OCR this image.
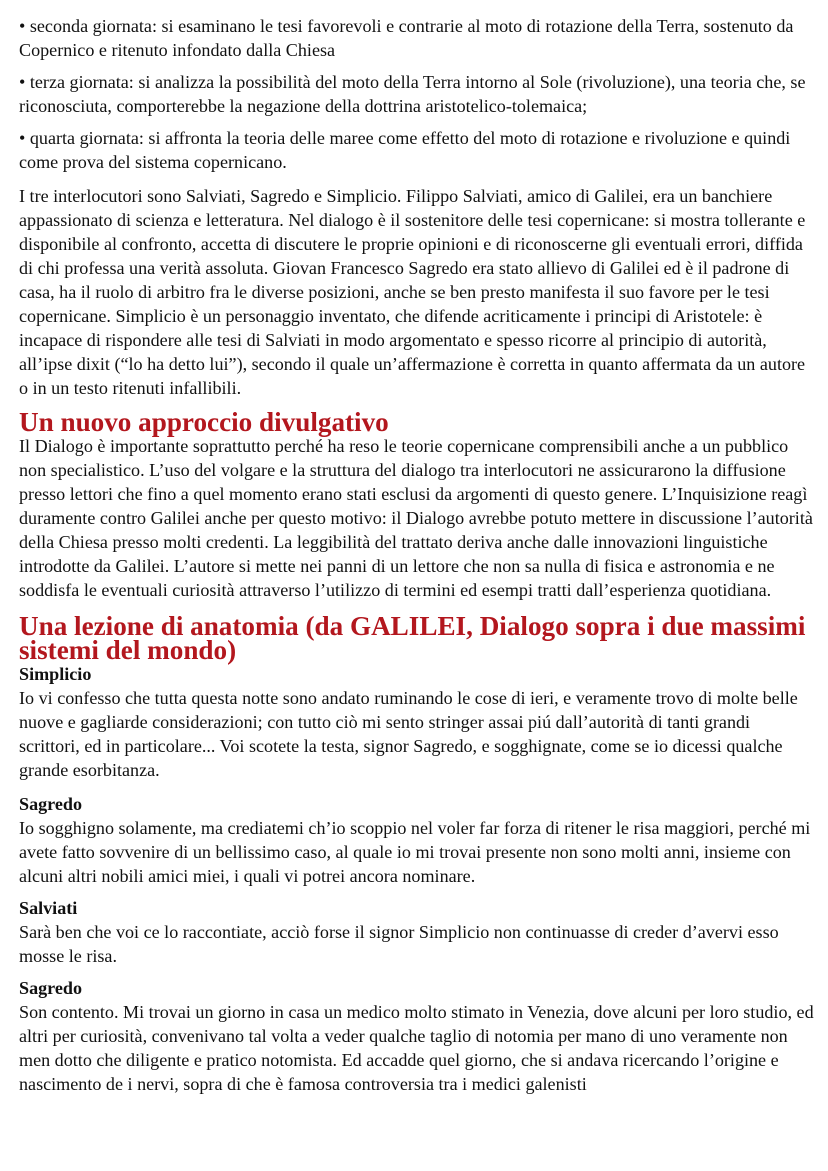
• seconda giornata: si esaminano le tesi favorevoli e contrarie al moto di rotazione della Terra, sostenuto da Copernico e ritenuto infondato dalla Chiesa

• terza giornata: si analizza la possibilità del moto della Terra intorno al Sole (rivoluzione), una teoria che, se riconosciuta, comporterebbe la negazione della dottrina aristotelico-tolemaica;

• quarta giornata: si affronta la teoria delle maree come effetto del moto di rotazione e rivoluzione e quindi come prova del sistema copernicano.

I tre interlocutori sono Salviati, Sagredo e Simplicio. Filippo Salviati, amico di Galilei, era un banchiere appassionato di scienza e letteratura. Nel dialogo è il sostenitore delle tesi copernicane: si mostra tollerante e disponibile al confronto, accetta di discutere le proprie opinioni e di riconoscerne gli eventuali errori, diffida di chi professa una verità assoluta. Giovan Francesco Sagredo era stato allievo di Galilei ed è il padrone di casa, ha il ruolo di arbitro fra le diverse posizioni, anche se ben presto manifesta il suo favore per le tesi copernicane. Simplicio è un personaggio inventato, che difende acriticamente i principi di Aristotele: è incapace di rispondere alle tesi di Salviati in modo argomentato e spesso ricorre al principio di autorità, all’ipse dixit (“lo ha detto lui”), secondo il quale un’affermazione è corretta in quanto affermata da un autore o in un testo ritenuti infallibili.

Un nuovo approccio divulgativo

Il Dialogo è importante soprattutto perché ha reso le teorie copernicane comprensibili anche a un pubblico non specialistico. L’uso del volgare e la struttura del dialogo tra interlocutori ne assicurarono la diffusione presso lettori che fino a quel momento erano stati esclusi da argomenti di questo genere. L’Inquisizione reagì duramente contro Galilei anche per questo motivo: il Dialogo avrebbe potuto mettere in discussione l’autorità della Chiesa presso molti credenti. La leggibilità del trattato deriva anche dalle innovazioni linguistiche introdotte da Galilei. L’autore si mette nei panni di un lettore che non sa nulla di fisica e astronomia e ne soddisfa le eventuali curiosità attraverso l’utilizzo di termini ed esempi tratti dall’esperienza quotidiana.

Una lezione di anatomia (da GALILEI, Dialogo sopra i due massimi sistemi del mondo)
Simplicio

Io vi confesso che tutta questa notte sono andato ruminando le cose di ieri, e veramente trovo di molte belle nuove e gagliarde considerazioni; con tutto ciò mi sento stringer assai piú dall’autorità di tanti grandi scrittori, ed in particolare... Voi scotete la testa, signor Sagredo, e sogghignate, come se io dicessi qualche grande esorbitanza.

Sagredo

Io sogghigno solamente, ma crediatemi ch’io scoppio nel voler far forza di ritener le risa maggiori, perché mi avete fatto sovvenire di un bellissimo caso, al quale io mi trovai presente non sono molti anni, insieme con alcuni altri nobili amici miei, i quali vi potrei ancora nominare.

Salviati

Sarà ben che voi ce lo raccontiate, acciò forse il signor Simplicio non continuasse di creder d’avervi esso mosse le risa.

Sagredo

Son contento. Mi trovai un giorno in casa un medico molto stimato in Venezia, dove alcuni per loro studio, ed altri per curiosità, convenivano tal volta a veder qualche taglio di notomia per mano di uno veramente non men dotto che diligente e pratico notomista. Ed accadde quel giorno, che si andava ricercando l’origine e nascimento de i nervi, sopra di che è famosa controversia tra i medici galenisti
